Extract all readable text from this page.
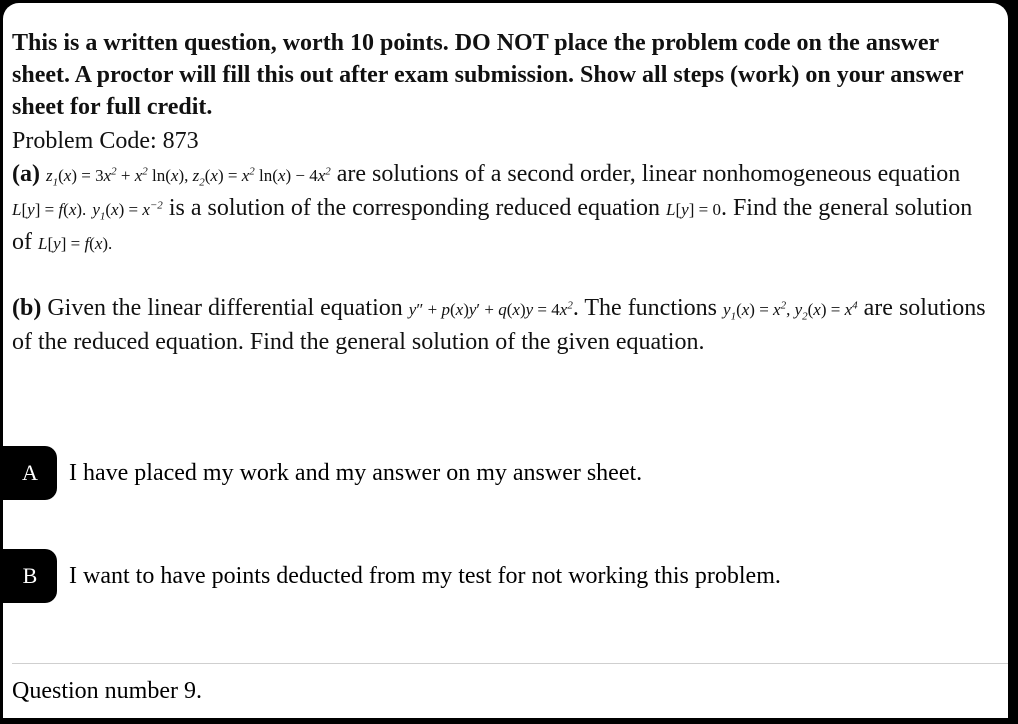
This is a written question, worth 10 points. DO NOT place the problem code on the answer sheet. A proctor will fill this out after exam submission. Show all steps (work) on your answer sheet for full credit.
Problem Code: 873
(a) $z_1(x) = 3x^2 + x^2$ ln(x), $z_2(x) = x^2$ $\ln(x) - 4x^2$ are solutions of a second order, linear nonhomogeneous equation L[y] = f(x). $y_1(x) = x^{-2}$ is a solution of the corresponding reduced equation L[y] = 0. Find the general solution of L[y] = f(x).
(b) Given the linear differential equation $y'' + p(x)y' + q(x)y = 4x^2$. The functions $y_1(x) = x^2$, $y_2(x) = x^4$ are solutions of the reduced equation. Find the general solution of the given equation.
A	I have placed my work and my answer on my answer sheet.
B	I want to have points deducted from my test for not working this problem.
Question number 9.
